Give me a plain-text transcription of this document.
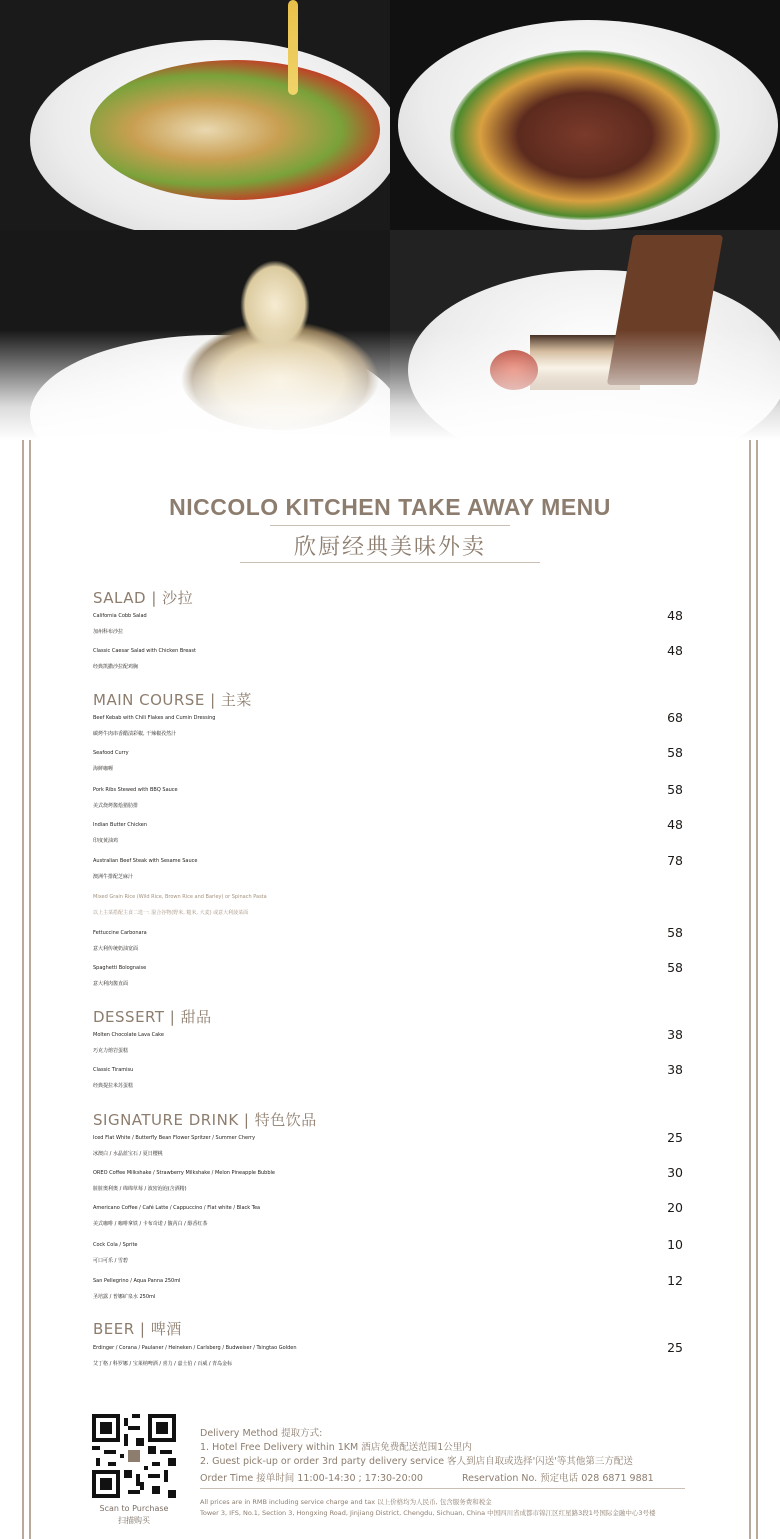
NICCOLO KITCHEN TAKE AWAY MENU
欣厨经典美味外卖
SALAD | 沙拉
California Cobb Salad
加州科布沙拉
48
Classic Caesar Salad with Chicken Breast
经典凯撒沙拉配鸡胸
48
MAIN COURSE | 主菜
Beef Kebab with Chili Flakes and Cumin Dressing
碳烤牛肉串香醋渍彩椒, 干辣椒孜然汁
68
Seafood Curry
海鲜咖喱
58
Pork Ribs Stewed with BBQ Sauce
美式烧烤酱烩猪肋排
58
Indian Butter Chicken
印度黄油鸡
48
Australian Beef Steak with Sesame Sauce
澳洲牛排配芝麻汁
78
Mixed Grain Rice (Wild Rice, Brown Rice and Barley) or Spinach Pasta
以上主菜搭配主食二选一: 混合谷物(野米, 糙米, 大麦) 或意大利菠菜面
Fettuccine Carbonara
意大利传统奶油宽面
58
Spaghetti Bolognaise
意大利肉酱直面
58
DESSERT | 甜品
Molten Chocolate Lava Cake
巧克力熔岩蛋糕
38
Classic Tiramisu
经典提拉米苏蛋糕
38
SIGNATURE DRINK | 特色饮品
Iced Flat White / Butterfly Bean Flower Spritzer / Summer Cherry
冰澳白 / 水晶蓝宝石 / 夏日樱桃
25
OREO Coffee Milkshake / Strawberry Milkshake / Melon Pineapple Bubble
脏脏奥利奥 / 绵绵草莓 / 波密泡泡(含酒精)
30
Americano Coffee / Café Latte / Cappuccino / Flat white / Black Tea
美式咖啡 / 咖啡拿铁 / 卡布奇诺 / 馥芮白 / 醇香红茶
20
Cock Cola / Sprite
可口可乐 / 雪碧
10
San Pellegrino / Aqua Panna 250ml
圣培露 / 普娜矿泉水 250ml
12
BEER | 啤酒
Erdinger / Corana / Paulaner / Heineken / Carlsberg / Budweiser / Tsingtao Golden
艾丁格 / 科罗娜 / 宝莱纳啤酒 / 喜力 / 嘉士伯 / 百威 / 青岛金标
25
Scan to Purchase
扫描购买
Delivery Method 提取方式:
1. Hotel Free Delivery within 1KM 酒店免费配送范围1公里内
2. Guest pick-up or order 3rd party delivery service 客人到店自取或选择'闪送'等其他第三方配送
Order Time 接单时间 11:00-14:30 ; 17:30-20:00	Reservation No. 预定电话 028 6871 9881
All prices are in RMB including service charge and tax 以上价格均为人民币, 包含服务费和税金
Tower 3, IFS, No.1, Section 3, Hongxing Road, Jinjiang District, Chengdu, Sichuan, China 中国四川省成都市锦江区红星路3段1号国际金融中心3号楼
